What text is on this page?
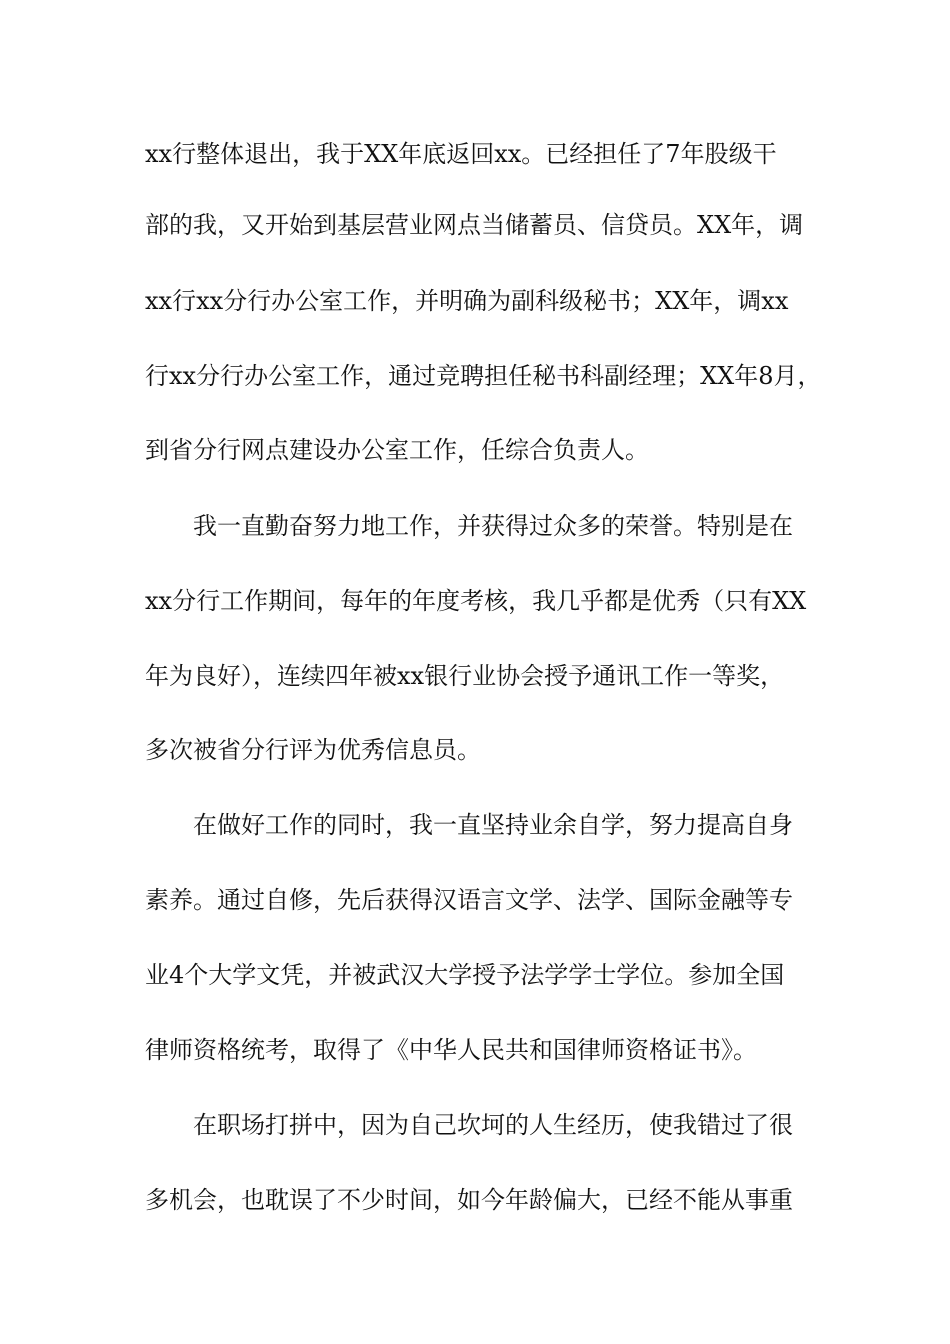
xx行整体退出，我于XX年底返回xx。已经担任了7年股级干
部的我，又开始到基层营业网点当储蓄员、信贷员。XX年，调
xx行xx分行办公室工作，并明确为副科级秘书；XX年，调xx
行xx分行办公室工作，通过竞聘担任秘书科副经理；XX年8月，
到省分行网点建设办公室工作，任综合负责人。
我一直勤奋努力地工作，并获得过众多的荣誉。特别是在
xx分行工作期间，每年的年度考核，我几乎都是优秀（只有XX
年为良好），连续四年被xx银行业协会授予通讯工作一等奖，
多次被省分行评为优秀信息员。
在做好工作的同时，我一直坚持业余自学，努力提高自身
素养。通过自修，先后获得汉语言文学、法学、国际金融等专
业4个大学文凭，并被武汉大学授予法学学士学位。参加全国
律师资格统考，取得了《中华人民共和国律师资格证书》。
在职场打拼中，因为自己坎坷的人生经历，使我错过了很
多机会，也耽误了不少时间，如今年龄偏大，已经不能从事重
